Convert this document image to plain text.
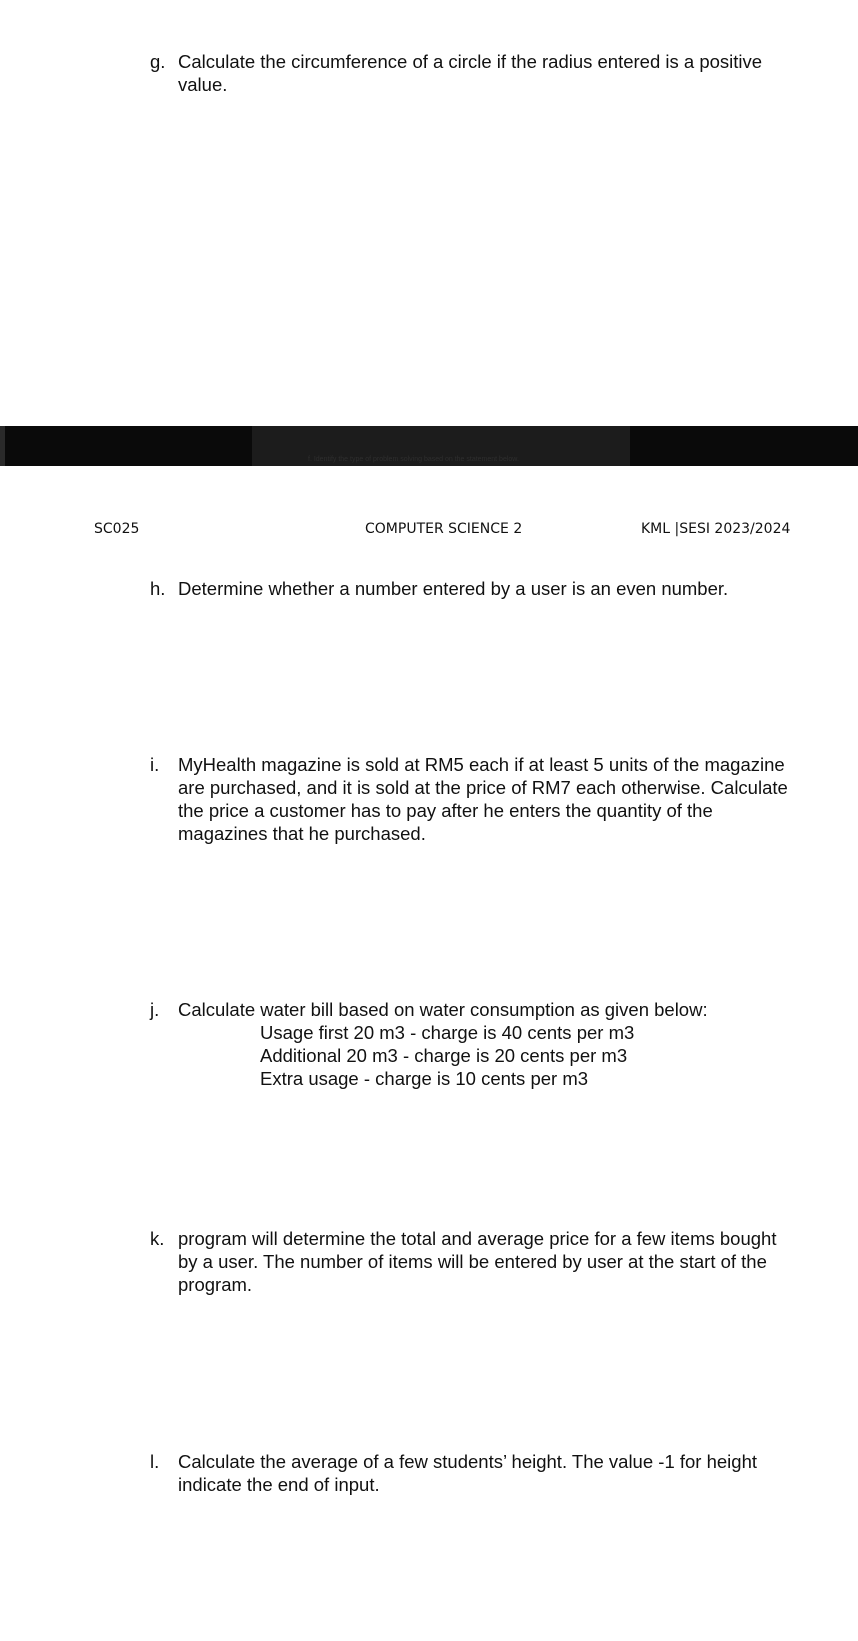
g. Calculate the circumference of a circle if the radius entered is a positive value.
f. Identify the type of problem solving based on the statement below.
SC025	COMPUTER SCIENCE 2	KML |SESI 2023/2024
h. Determine whether a number entered by a user is an even number.
i. MyHealth magazine is sold at RM5 each if at least 5 units of the magazine are purchased, and it is sold at the price of RM7 each otherwise. Calculate the price a customer has to pay after he enters the quantity of the magazines that he purchased.
j. Calculate water bill based on water consumption as given below:
Usage first 20 m3 - charge is 40 cents per m3
Additional 20 m3 - charge is 20 cents per m3
Extra usage - charge is 10 cents per m3
k. program will determine the total and average price for a few items bought by a user. The number of items will be entered by user at the start of the program.
l. Calculate the average of a few students’ height. The value -1 for height indicate the end of input.
